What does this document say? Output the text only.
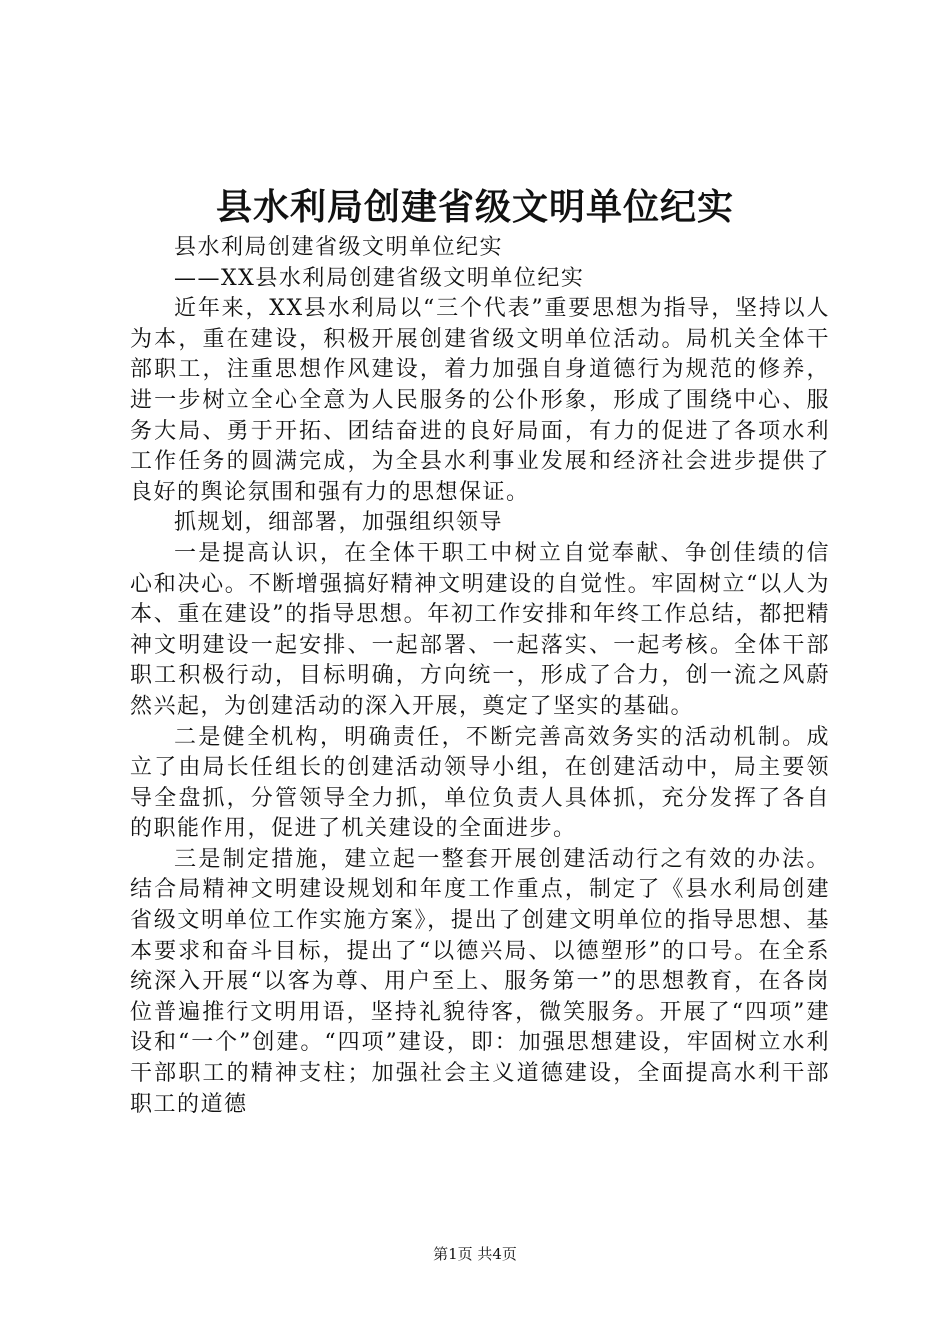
县水利局创建省级文明单位纪实

县水利局创建省级文明单位纪实

——XX县水利局创建省级文明单位纪实

近年来，XX县水利局以“三个代表”重要思想为指导，坚持以人为本，重在建设，积极开展创建省级文明单位活动。局机关全体干部职工，注重思想作风建设，着力加强自身道德行为规范的修养，进一步树立全心全意为人民服务的公仆形象，形成了围绕中心、服务大局、勇于开拓、团结奋进的良好局面，有力的促进了各项水利工作任务的圆满完成，为全县水利事业发展和经济社会进步提供了良好的舆论氛围和强有力的思想保证。

抓规划，细部署，加强组织领导

一是提高认识，在全体干职工中树立自觉奉献、争创佳绩的信心和决心。不断增强搞好精神文明建设的自觉性。牢固树立“以人为本、重在建设”的指导思想。年初工作安排和年终工作总结，都把精神文明建设一起安排、一起部署、一起落实、一起考核。全体干部职工积极行动，目标明确，方向统一，形成了合力，创一流之风蔚然兴起，为创建活动的深入开展，奠定了坚实的基础。

二是健全机构，明确责任，不断完善高效务实的活动机制。成立了由局长任组长的创建活动领导小组，在创建活动中，局主要领导全盘抓，分管领导全力抓，单位负责人具体抓，充分发挥了各自的职能作用，促进了机关建设的全面进步。

三是制定措施，建立起一整套开展创建活动行之有效的办法。结合局精神文明建设规划和年度工作重点，制定了《县水利局创建省级文明单位工作实施方案》，提出了创建文明单位的指导思想、基本要求和奋斗目标，提出了“以德兴局、以德塑形”的口号。在全系统深入开展“以客为尊、用户至上、服务第一”的思想教育，在各岗位普遍推行文明用语，坚持礼貌待客，微笑服务。开展了“四项”建设和“一个”创建。“四项”建设，即：加强思想建设，牢固树立水利干部职工的精神支柱；加强社会主义道德建设，全面提高水利干部职工的道德

第1页 共4页
